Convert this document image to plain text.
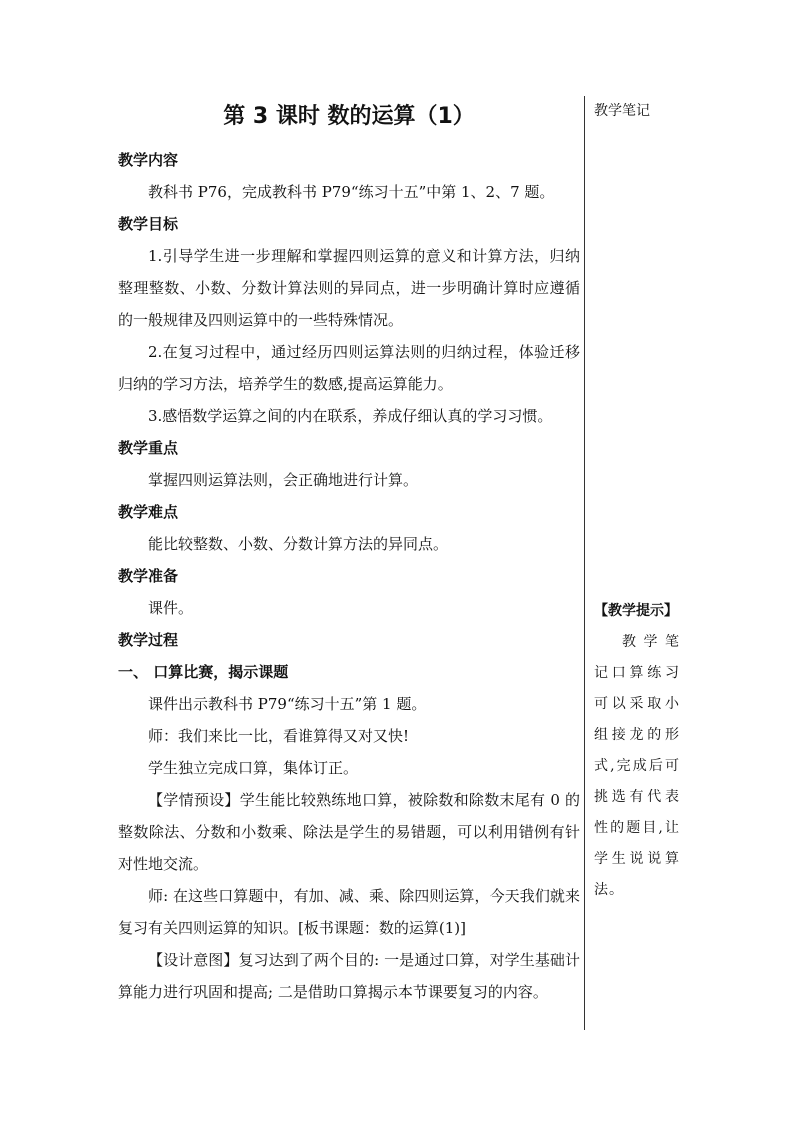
第 3 课时 数的运算（1）
教学内容

教科书 P76，完成教科书 P79“练习十五”中第 1、2、7 题。

教学目标

1.引导学生进一步理解和掌握四则运算的意义和计算方法，归纳整理整数、小数、分数计算法则的异同点，进一步明确计算时应遵循的一般规律及四则运算中的一些特殊情况。

2.在复习过程中，通过经历四则运算法则的归纳过程，体验迁移归纳的学习方法，培养学生的数感,提高运算能力。

3.感悟数学运算之间的内在联系，养成仔细认真的学习习惯。

教学重点

掌握四则运算法则，会正确地进行计算。

教学难点

能比较整数、小数、分数计算方法的异同点。

教学准备

课件。

教学过程
一、 口算比赛，揭示课题

课件出示教科书 P79“练习十五”第 1 题。

师：我们来比一比，看谁算得又对又快!

学生独立完成口算，集体订正。

【学情预设】学生能比较熟练地口算，被除数和除数末尾有 0 的整数除法、分数和小数乘、除法是学生的易错题，可以利用错例有针对性地交流。

师: 在这些口算题中，有加、减、乘、除四则运算，今天我们就来复习有关四则运算的知识。[板书课题：数的运算(1)]

【设计意图】复习达到了两个目的: 一是通过口算，对学生基础计算能力进行巩固和提高; 二是借助口算揭示本节课要复习的内容。

教学笔记
【教学提示】
教学笔记口算练习可以采取小组接龙的形式,完成后可挑选有代表性的题目,让学生说说算法。
